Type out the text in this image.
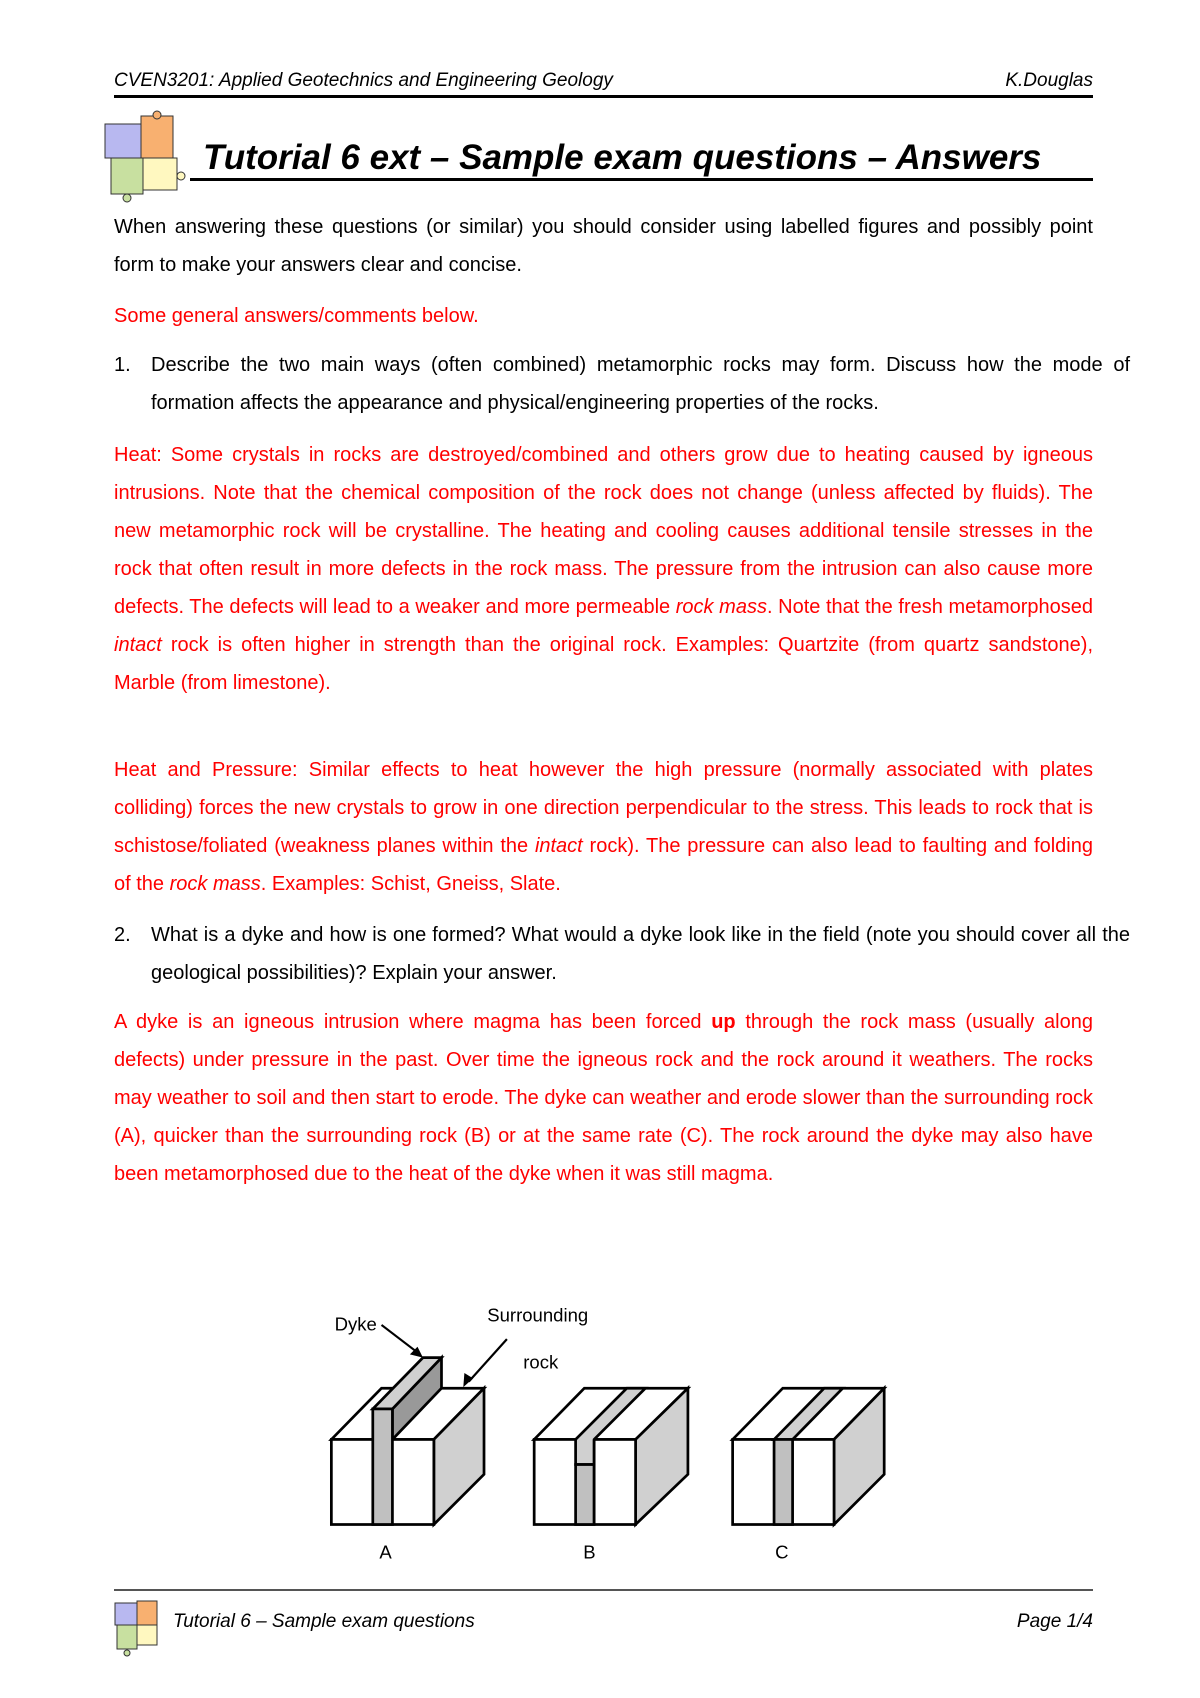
CVEN3201: Applied Geotechnics and Engineering Geology	K.Douglas
Tutorial 6 ext – Sample exam questions – Answers

When answering these questions (or similar) you should consider using labelled figures and possibly point form to make your answers clear and concise.

Some general answers/comments below.

1. Describe the two main ways (often combined) metamorphic rocks may form. Discuss how the mode of formation affects the appearance and physical/engineering properties of the rocks.

Heat: Some crystals in rocks are destroyed/combined and others grow due to heating caused by igneous intrusions. Note that the chemical composition of the rock does not change (unless affected by fluids). The new metamorphic rock will be crystalline. The heating and cooling causes additional tensile stresses in the rock that often result in more defects in the rock mass. The pressure from the intrusion can also cause more defects. The defects will lead to a weaker and more permeable rock mass. Note that the fresh metamorphosed intact rock is often higher in strength than the original rock. Examples: Quartzite (from quartz sandstone), Marble (from limestone).

Heat and Pressure: Similar effects to heat however the high pressure (normally associated with plates colliding) forces the new crystals to grow in one direction perpendicular to the stress. This leads to rock that is schistose/foliated (weakness planes within the intact rock). The pressure can also lead to faulting and folding of the rock mass. Examples: Schist, Gneiss, Slate.

2. What is a dyke and how is one formed? What would a dyke look like in the field (note you should cover all the geological possibilities)? Explain your answer.

A dyke is an igneous intrusion where magma has been forced up through the rock mass (usually along defects) under pressure in the past. Over time the igneous rock and the rock around it weathers. The rocks may weather to soil and then start to erode. The dyke can weather and erode slower than the surrounding rock (A), quicker than the surrounding rock (B) or at the same rate (C). The rock around the dyke may also have been metamorphosed due to the heat of the dyke when it was still magma.

Dyke	Surrounding
rock
A	B	C
Tutorial 6 – Sample exam questions	Page 1/4
